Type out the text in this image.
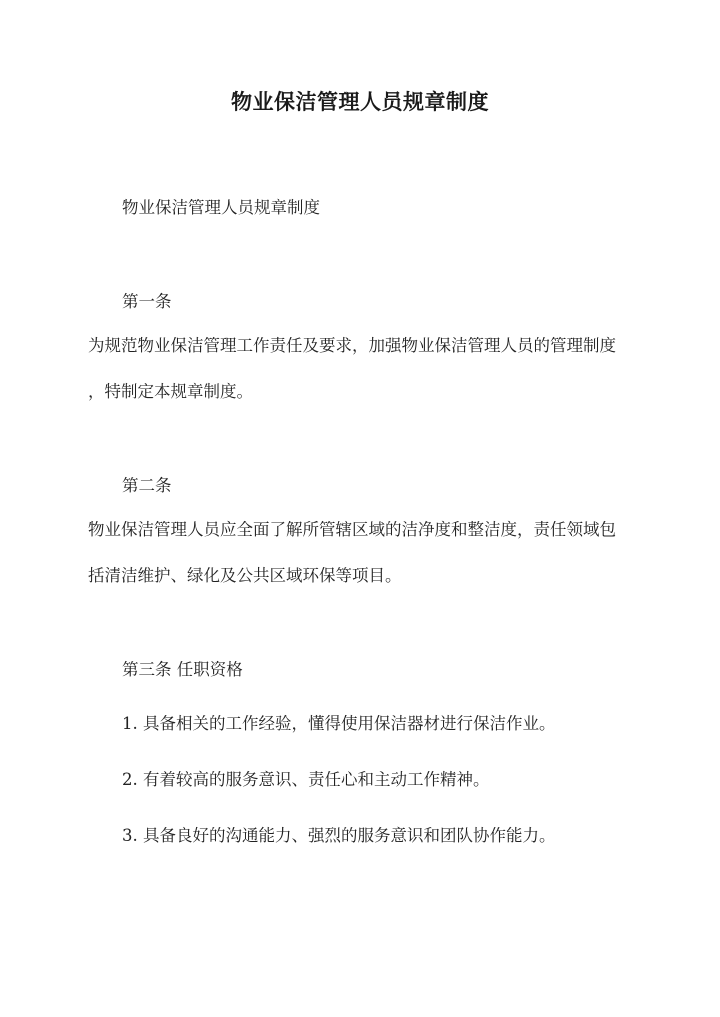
物业保洁管理人员规章制度
物业保洁管理人员规章制度
第一条
为规范物业保洁管理工作责任及要求，加强物业保洁管理人员的管理制度
，特制定本规章制度。
第二条
物业保洁管理人员应全面了解所管辖区域的洁净度和整洁度，责任领域包
括清洁维护、绿化及公共区域环保等项目。
第三条 任职资格
1. 具备相关的工作经验，懂得使用保洁器材进行保洁作业。
2. 有着较高的服务意识、责任心和主动工作精神。
3. 具备良好的沟通能力、强烈的服务意识和团队协作能力。
